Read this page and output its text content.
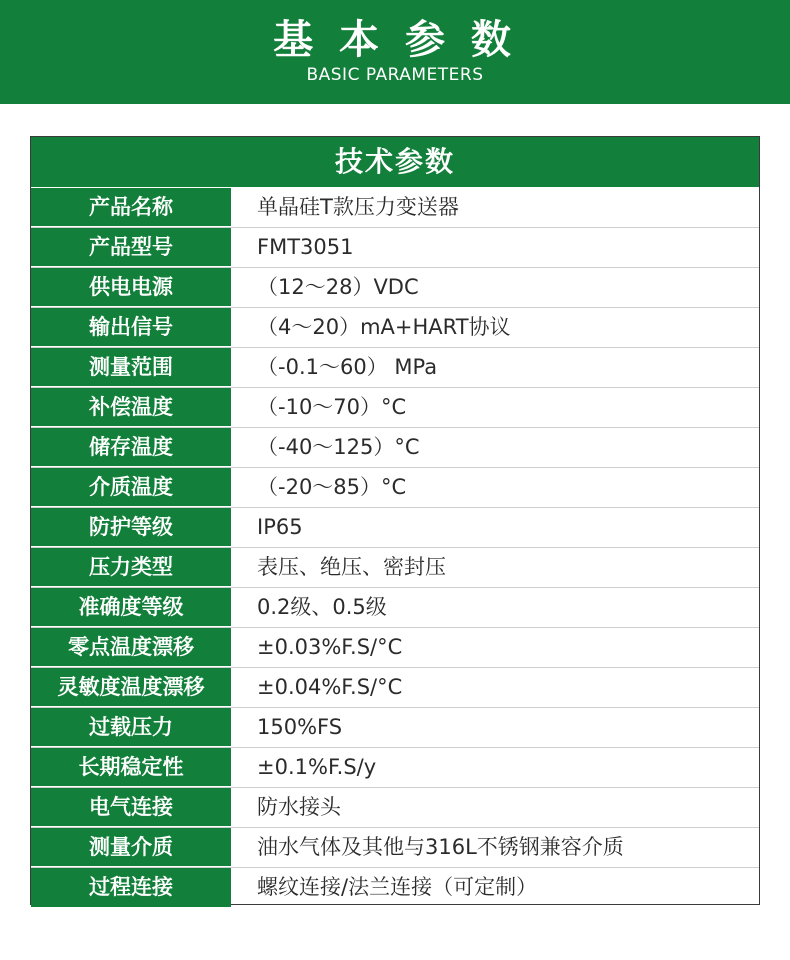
基 本 参 数
BASIC PARAMETERS
技术参数
产品名称	单晶硅T款压力变送器
产品型号	FMT3051
供电电源	（12～28）VDC
输出信号	（4～20）mA+HART协议
测量范围	（-0.1～60） MPa
补偿温度	（-10～70）°C
储存温度	（-40～125）°C
介质温度	（-20～85）°C
防护等级	IP65
压力类型	表压、绝压、密封压
准确度等级	0.2级、0.5级
零点温度漂移	±0.03%F.S/°C
灵敏度温度漂移	±0.04%F.S/°C
过载压力	150%FS
长期稳定性	±0.1%F.S/y
电气连接	防水接头
测量介质	油水气体及其他与316L不锈钢兼容介质
过程连接	螺纹连接/法兰连接（可定制）
